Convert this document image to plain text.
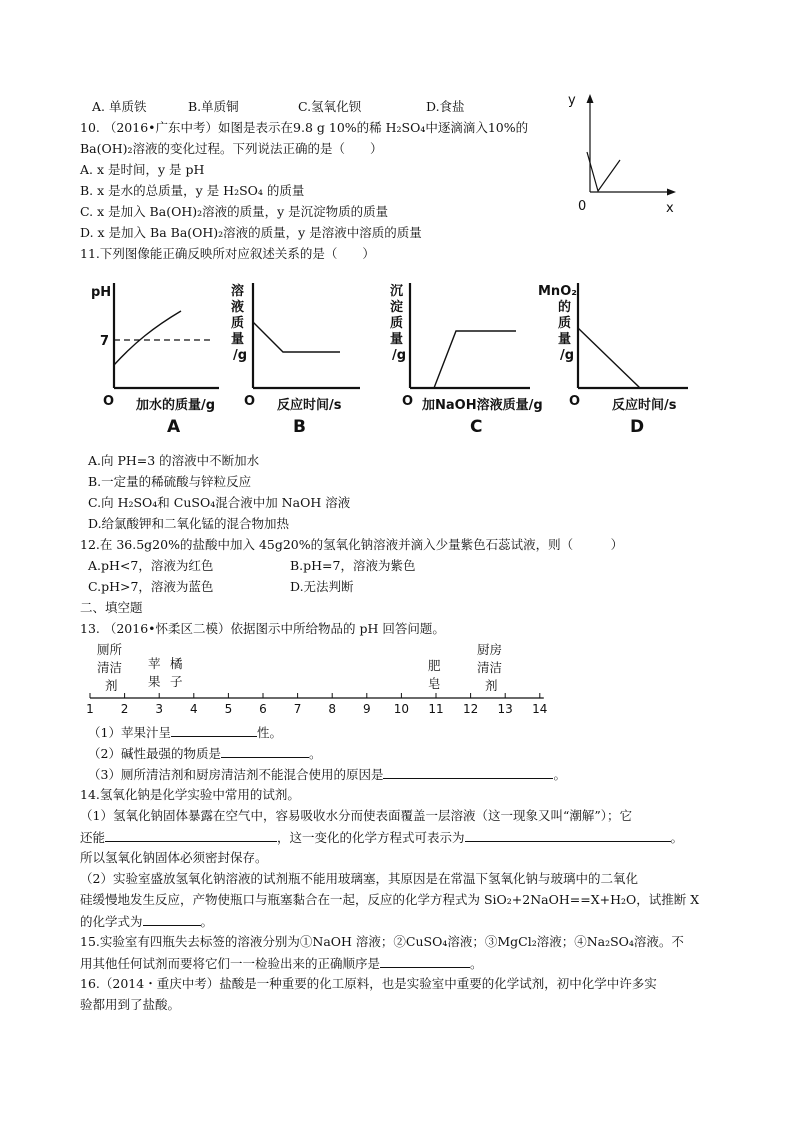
A. 单质铁	B.单质铜	C.氢氧化钡	D.食盐
10. （2016•广东中考）如图是表示在9.8 g 10%的稀 H₂SO₄中逐滴滴入10%的
Ba(OH)₂溶液的变化过程。下列说法正确的是（　　）
A. x 是时间，y 是 pH
B. x 是水的总质量，y 是 H₂SO₄ 的质量
C. x 是加入 Ba(OH)₂溶液的质量，y 是沉淀物质的质量
D. x 是加入 Ba Ba(OH)₂溶液的质量，y 是溶液中溶质的质量
y
0	x
11.下列图像能正确反映所对应叙述关系的是（　　）
pH
7
O 加水的质量/g
A
溶
液
质
量
/g
O 反应时间/s
B
沉
淀
质
量
/g
O 加NaOH溶液质量/g
C
MnO₂
的
质
量
/g
O 反应时间/s
D
A.向 PH=3 的溶液中不断加水
B.一定量的稀硫酸与锌粒反应
C.向 H₂SO₄和 CuSO₄混合液中加 NaOH 溶液
D.给氯酸钾和二氧化锰的混合物加热
12.在 36.5g20%的盐酸中加入 45g20%的氢氧化钠溶液并滴入少量紫色石蕊试液，则（　　　）
A.pH<7，溶液为红色	B.pH=7，溶液为紫色
C.pH>7，溶液为蓝色	D.无法判断
二、填空题
13. （2016•怀柔区二模）依据图示中所给物品的 pH 回答问题。
厕所
清洁
剂
苹
果
橘
子
肥
皂
厨房
清洁
剂
1 2 3 4 5 6 7 8 9 10 11 12 13 14
（1）苹果汁呈	性。
（2）碱性最强的物质是	。
（3）厕所清洁剂和厨房清洁剂不能混合使用的原因是	。
14.氢氧化钠是化学实验中常用的试剂。
（1）氢氧化钠固体暴露在空气中，容易吸收水分而使表面覆盖一层溶液（这一现象又叫“潮解”）；它
还能	，这一变化的化学方程式可表示为	。
所以氢氧化钠固体必须密封保存。
（2）实验室盛放氢氧化钠溶液的试剂瓶不能用玻璃塞，其原因是在常温下氢氧化钠与玻璃中的二氧化
硅缓慢地发生反应，产物使瓶口与瓶塞黏合在一起，反应的化学方程式为 SiO₂+2NaOH==X+H₂O，试推断 X
的化学式为	。
15.实验室有四瓶失去标签的溶液分别为①NaOH 溶液；②CuSO₄溶液；③MgCl₂溶液；④Na₂SO₄溶液。不
用其他任何试剂而要将它们一一检验出来的正确顺序是	。
16.（2014・重庆中考）盐酸是一种重要的化工原料，也是实验室中重要的化学试剂，初中化学中许多实
验都用到了盐酸。
